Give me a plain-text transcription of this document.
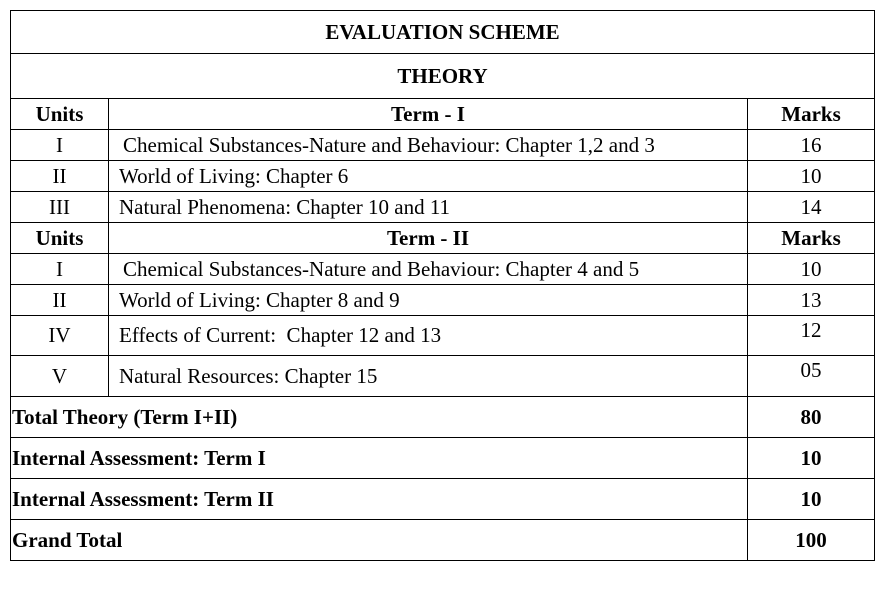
EVALUATION SCHEME		
THEORY		
Units	Term - I	Marks
I	Chemical Substances-Nature and Behaviour: Chapter 1,2 and 3	16
II	World of Living: Chapter 6	10
III	Natural Phenomena: Chapter 10 and 11	14
Units	Term - II	Marks
I	Chemical Substances-Nature and Behaviour: Chapter 4 and 5	10
II	World of Living: Chapter 8 and 9	13
IV	Effects of Current:  Chapter 12 and 13	12
V	Natural Resources: Chapter 15	05
Total Theory (Term I+II)		80
Internal Assessment: Term I		10
Internal Assessment: Term II		10
Grand Total		100
